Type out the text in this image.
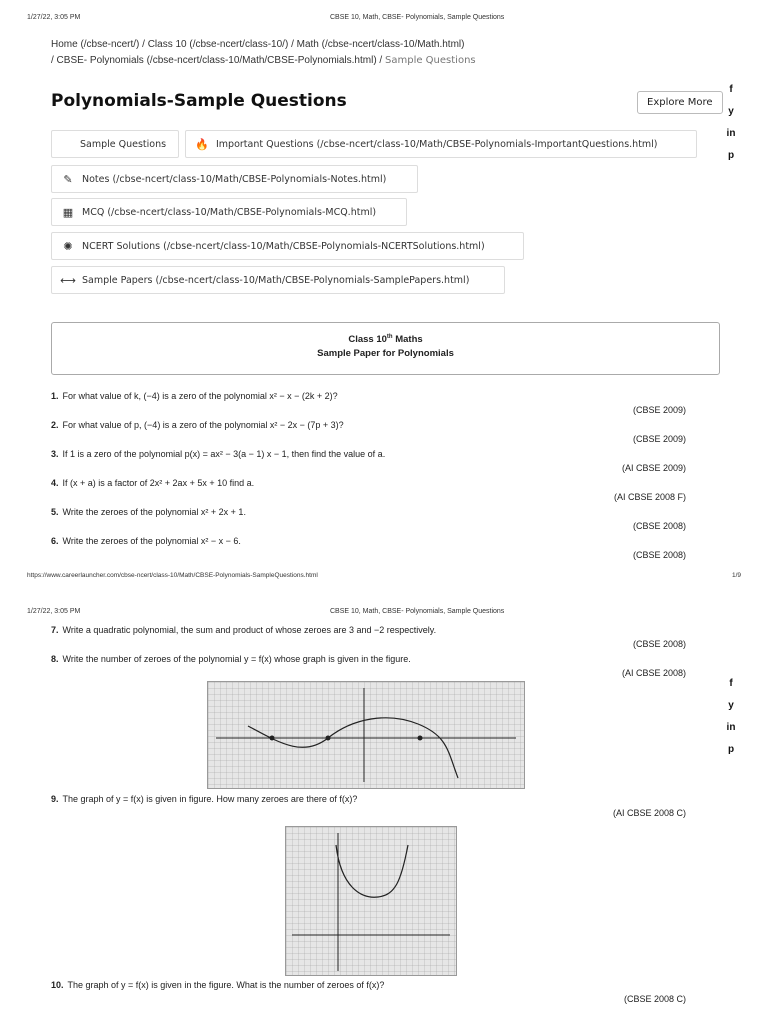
1/27/22, 3:05 PM	CBSE 10, Math, CBSE- Polynomials, Sample Questions
Home (/cbse-ncert/) / Class 10 (/cbse-ncert/class-10/) / Math (/cbse-ncert/class-10/Math.html)
/ CBSE- Polynomials (/cbse-ncert/class-10/Math/CBSE-Polynomials.html) / Sample Questions
Polynomials-Sample Questions	Explore More
f
y
in
p
Sample Questions	🔥 Important Questions (/cbse-ncert/class-10/Math/CBSE-Polynomials-ImportantQuestions.html)
✎ Notes (/cbse-ncert/class-10/Math/CBSE-Polynomials-Notes.html)
▦ MCQ (/cbse-ncert/class-10/Math/CBSE-Polynomials-MCQ.html)
✺ NCERT Solutions (/cbse-ncert/class-10/Math/CBSE-Polynomials-NCERTSolutions.html)
⟷ Sample Papers (/cbse-ncert/class-10/Math/CBSE-Polynomials-SamplePapers.html)
Class 10th Maths
Sample Paper for Polynomials
1. For what value of k, (−4) is a zero of the polynomial x² − x − (2k + 2)?
(CBSE 2009)
2. For what value of p, (−4) is a zero of the polynomial x² − 2x − (7p + 3)?
(CBSE 2009)
3. If 1 is a zero of the polynomial p(x) = ax² − 3(a − 1) x − 1, then find the value of a.
(AI CBSE 2009)
4. If (x + a) is a factor of 2x² + 2ax + 5x + 10 find a.
(AI CBSE 2008 F)
5. Write the zeroes of the polynomial x² + 2x + 1.
(CBSE 2008)
6. Write the zeroes of the polynomial x² − x − 6.
(CBSE 2008)
https://www.careerlauncher.com/cbse-ncert/class-10/Math/CBSE-Polynomials-SampleQuestions.html	1/9
1/27/22, 3:05 PM	CBSE 10, Math, CBSE- Polynomials, Sample Questions
f
y
in
p
7. Write a quadratic polynomial, the sum and product of whose zeroes are 3 and −2 respectively.
(CBSE 2008)
8. Write the number of zeroes of the polynomial y = f(x) whose graph is given in the figure.
(AI CBSE 2008)
9. The graph of y = f(x) is given in figure. How many zeroes are there of f(x)?
(AI CBSE 2008 C)
10. The graph of y = f(x) is given in the figure. What is the number of zeroes of f(x)?
(CBSE 2008 C)
